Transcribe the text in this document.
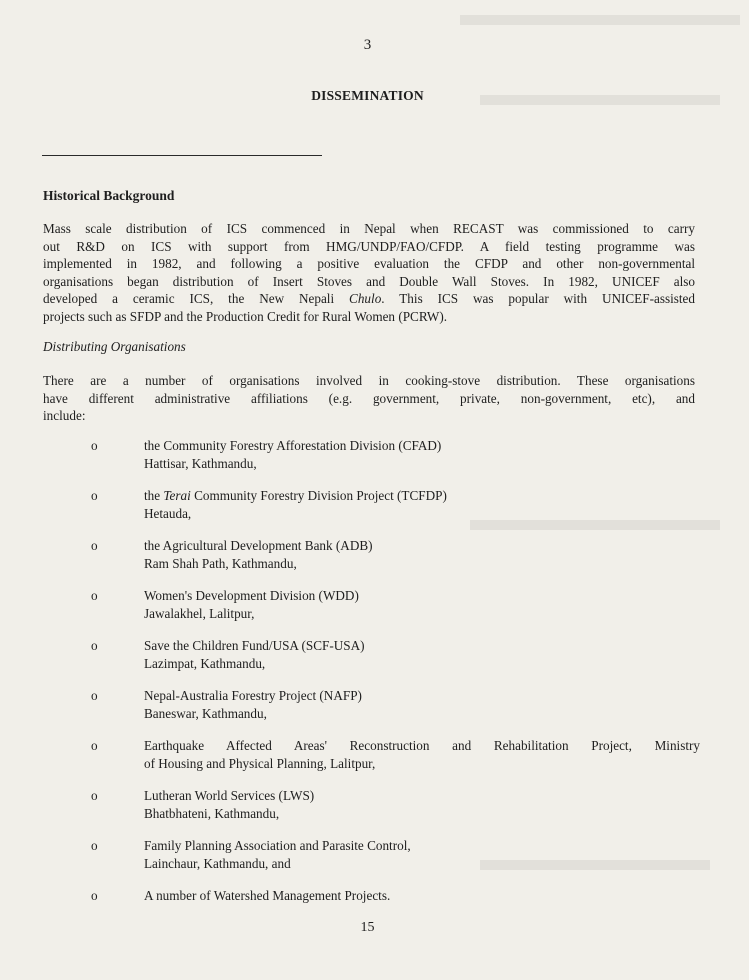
3
DISSEMINATION
Historical Background
Mass scale distribution of ICS commenced in Nepal when RECAST was commissioned to carry
out R&D on ICS with support from HMG/UNDP/FAO/CFDP. A field testing programme was
implemented in 1982, and following a positive evaluation the CFDP and other non-governmental
organisations began distribution of Insert Stoves and Double Wall Stoves. In 1982, UNICEF also
developed a ceramic ICS, the New Nepali Chulo. This ICS was popular with UNICEF-assisted
projects such as SFDP and the Production Credit for Rural Women (PCRW).
Distributing Organisations
There are a number of organisations involved in cooking-stove distribution. These organisations
have different administrative affiliations (e.g. government, private, non-government, etc), and
include:
o	the Community Forestry Afforestation Division (CFAD)
Hattisar, Kathmandu,
o	the Terai Community Forestry Division Project (TCFDP)
Hetauda,
o	the Agricultural Development Bank (ADB)
Ram Shah Path, Kathmandu,
o	Women's Development Division (WDD)
Jawalakhel, Lalitpur,
o	Save the Children Fund/USA (SCF-USA)
Lazimpat, Kathmandu,
o	Nepal-Australia Forestry Project (NAFP)
Baneswar, Kathmandu,
o	Earthquake Affected Areas' Reconstruction and Rehabilitation Project, Ministry
of Housing and Physical Planning, Lalitpur,
o	Lutheran World Services (LWS)
Bhatbhateni, Kathmandu,
o	Family Planning Association and Parasite Control,
Lainchaur, Kathmandu, and
o	A number of Watershed Management Projects.
15
